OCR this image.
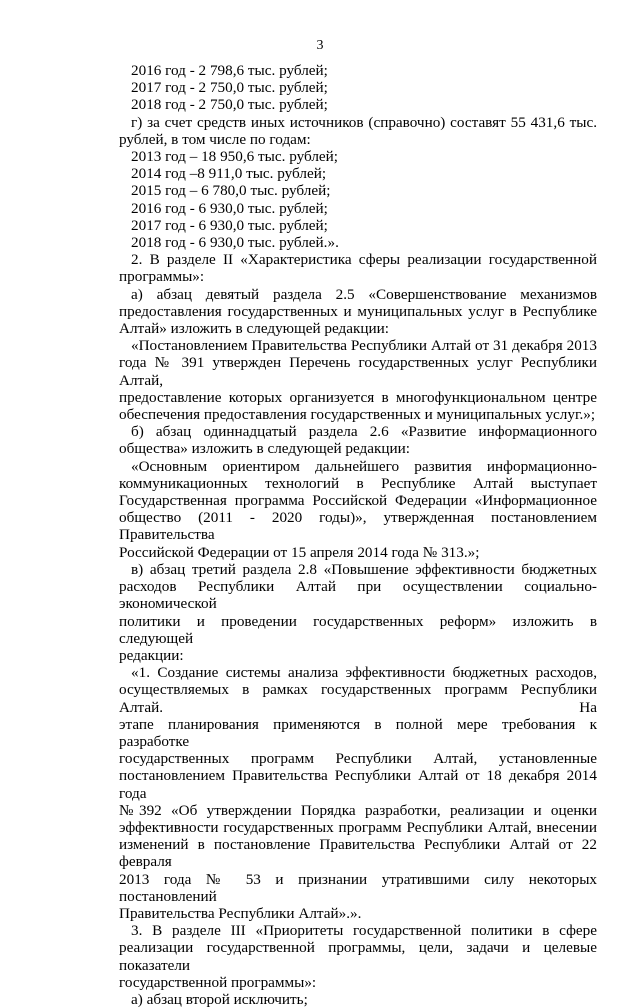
3
2016 год - 2 798,6 тыс. рублей;
2017 год - 2 750,0 тыс. рублей;
2018 год - 2 750,0 тыс. рублей;
г) за счет средств иных источников (справочно) составят 55 431,6 тыс.
рублей, в том числе по годам:
2013 год – 18 950,6 тыс. рублей;
2014 год –8 911,0 тыс. рублей;
2015 год – 6 780,0 тыс. рублей;
2016 год - 6 930,0 тыс. рублей;
2017 год - 6 930,0 тыс. рублей;
2018 год - 6 930,0 тыс. рублей.».
2. В разделе II «Характеристика сферы реализации государственной
программы»:
а) абзац девятый раздела 2.5 «Совершенствование механизмов
предоставления государственных и муниципальных услуг в Республике
Алтай» изложить в следующей редакции:
«Постановлением Правительства Республики Алтай от 31 декабря 2013
года № 391 утвержден Перечень государственных услуг Республики Алтай,
предоставление которых организуется в многофункциональном центре
обеспечения предоставления государственных и муниципальных услуг.»;
б) абзац одиннадцатый раздела 2.6 «Развитие информационного
общества» изложить в следующей редакции:
«Основным ориентиром дальнейшего развития информационно-
коммуникационных технологий в Республике Алтай выступает
Государственная программа Российской Федерации «Информационное
общество (2011 - 2020 годы)», утвержденная постановлением Правительства
Российской Федерации от 15 апреля 2014 года № 313.»;
в) абзац третий раздела 2.8 «Повышение эффективности бюджетных
расходов Республики Алтай при осуществлении социально-экономической
политики и проведении государственных реформ» изложить в следующей
редакции:
«1. Создание системы анализа эффективности бюджетных расходов,
осуществляемых в рамках государственных программ Республики Алтай. На
этапе планирования применяются в полной мере требования к разработке
государственных программ Республики Алтай, установленные
постановлением Правительства Республики Алтай от 18 декабря 2014 года
№392 «Об утверждении Порядка разработки, реализации и оценки
эффективности государственных программ Республики Алтай, внесении
изменений в постановление Правительства Республики Алтай от 22 февраля
2013 года № 53 и признании утратившими силу некоторых постановлений
Правительства Республики Алтай».».
3. В разделе III «Приоритеты государственной политики в сфере
реализации государственной программы, цели, задачи и целевые показатели
государственной программы»:
а) абзац второй исключить;
